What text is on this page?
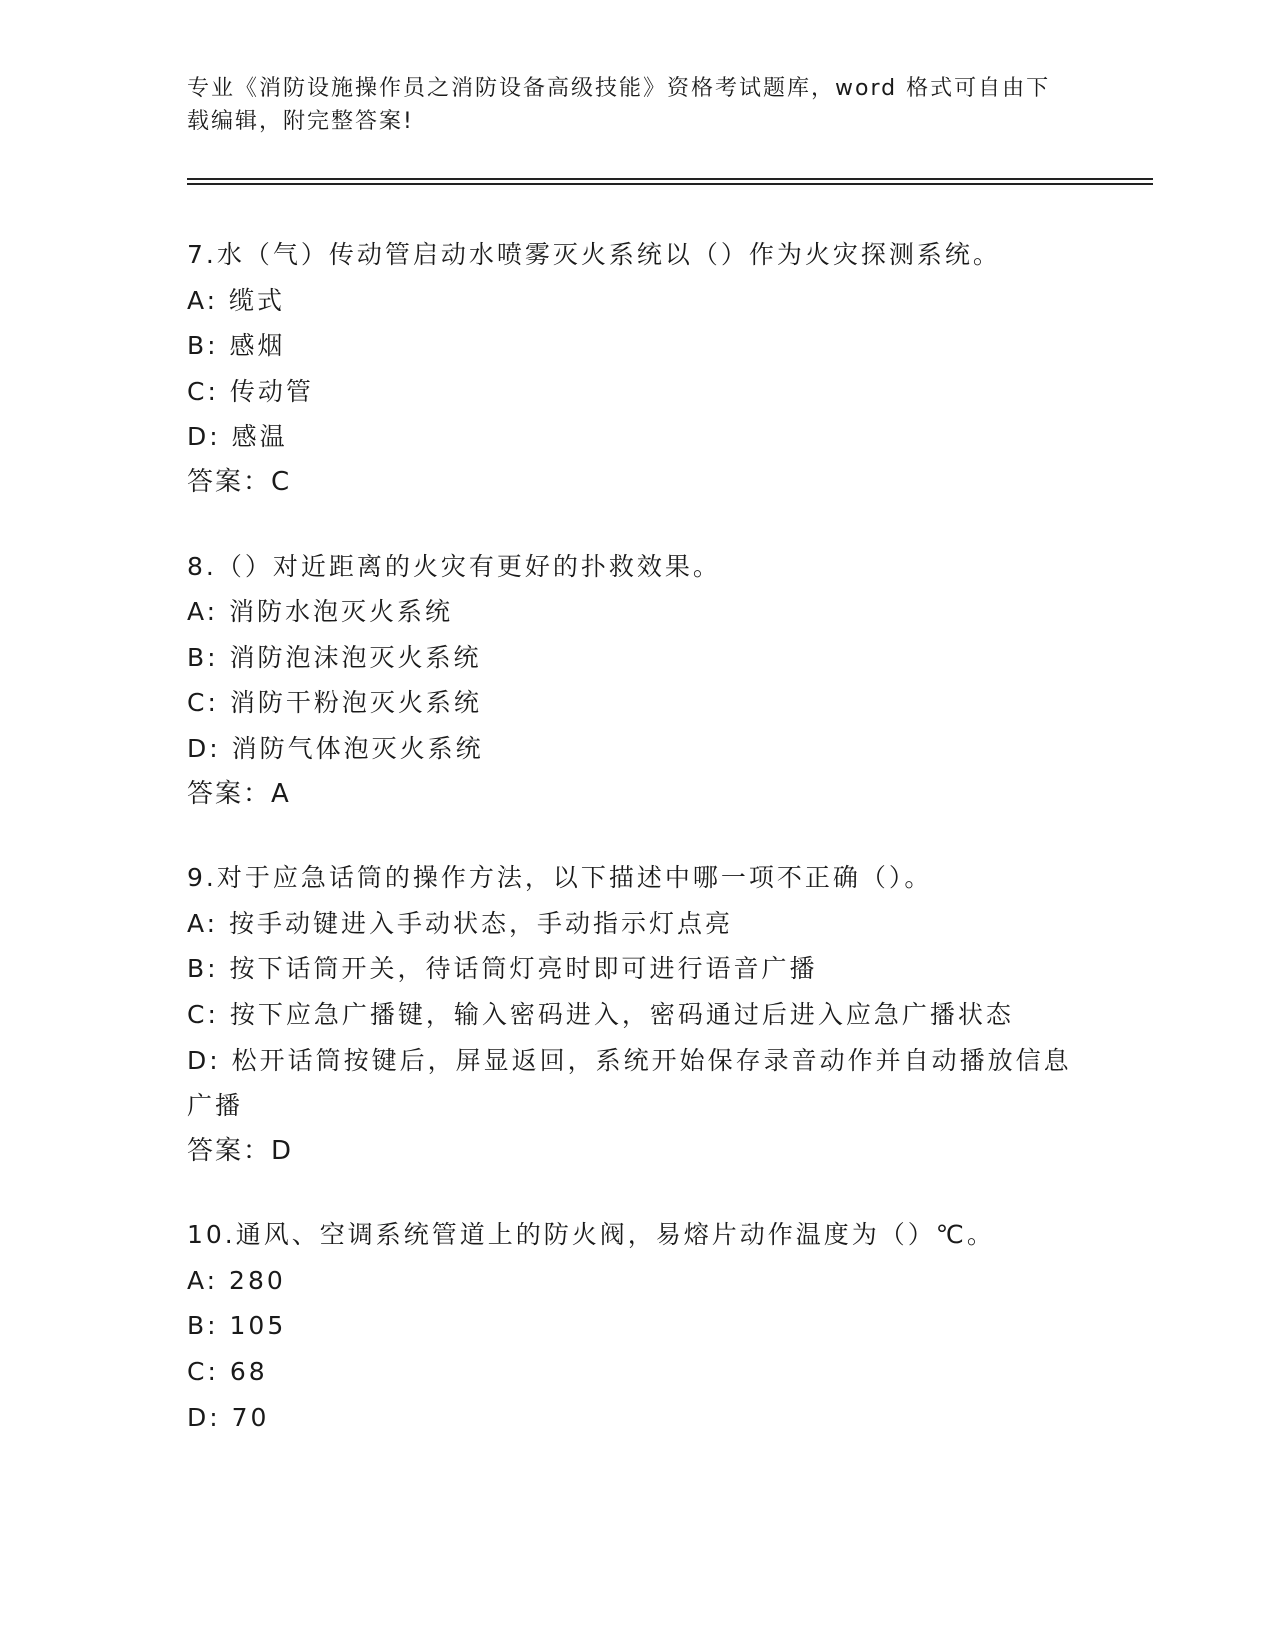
专业《消防设施操作员之消防设备高级技能》资格考试题库，word 格式可自由下载编辑，附完整答案!
7.水（气）传动管启动水喷雾灭火系统以（）作为火灾探测系统。
A: 缆式
B: 感烟
C: 传动管
D: 感温
答案：C
8.（）对近距离的火灾有更好的扑救效果。
A: 消防水泡灭火系统
B: 消防泡沫泡灭火系统
C: 消防干粉泡灭火系统
D: 消防气体泡灭火系统
答案：A
9.对于应急话筒的操作方法，以下描述中哪一项不正确（）。
A: 按手动键进入手动状态，手动指示灯点亮
B: 按下话筒开关，待话筒灯亮时即可进行语音广播
C: 按下应急广播键，输入密码进入，密码通过后进入应急广播状态
D: 松开话筒按键后，屏显返回，系统开始保存录音动作并自动播放信息广播
答案：D
10.通风、空调系统管道上的防火阀，易熔片动作温度为（）℃。
A: 280
B: 105
C: 68
D: 70
